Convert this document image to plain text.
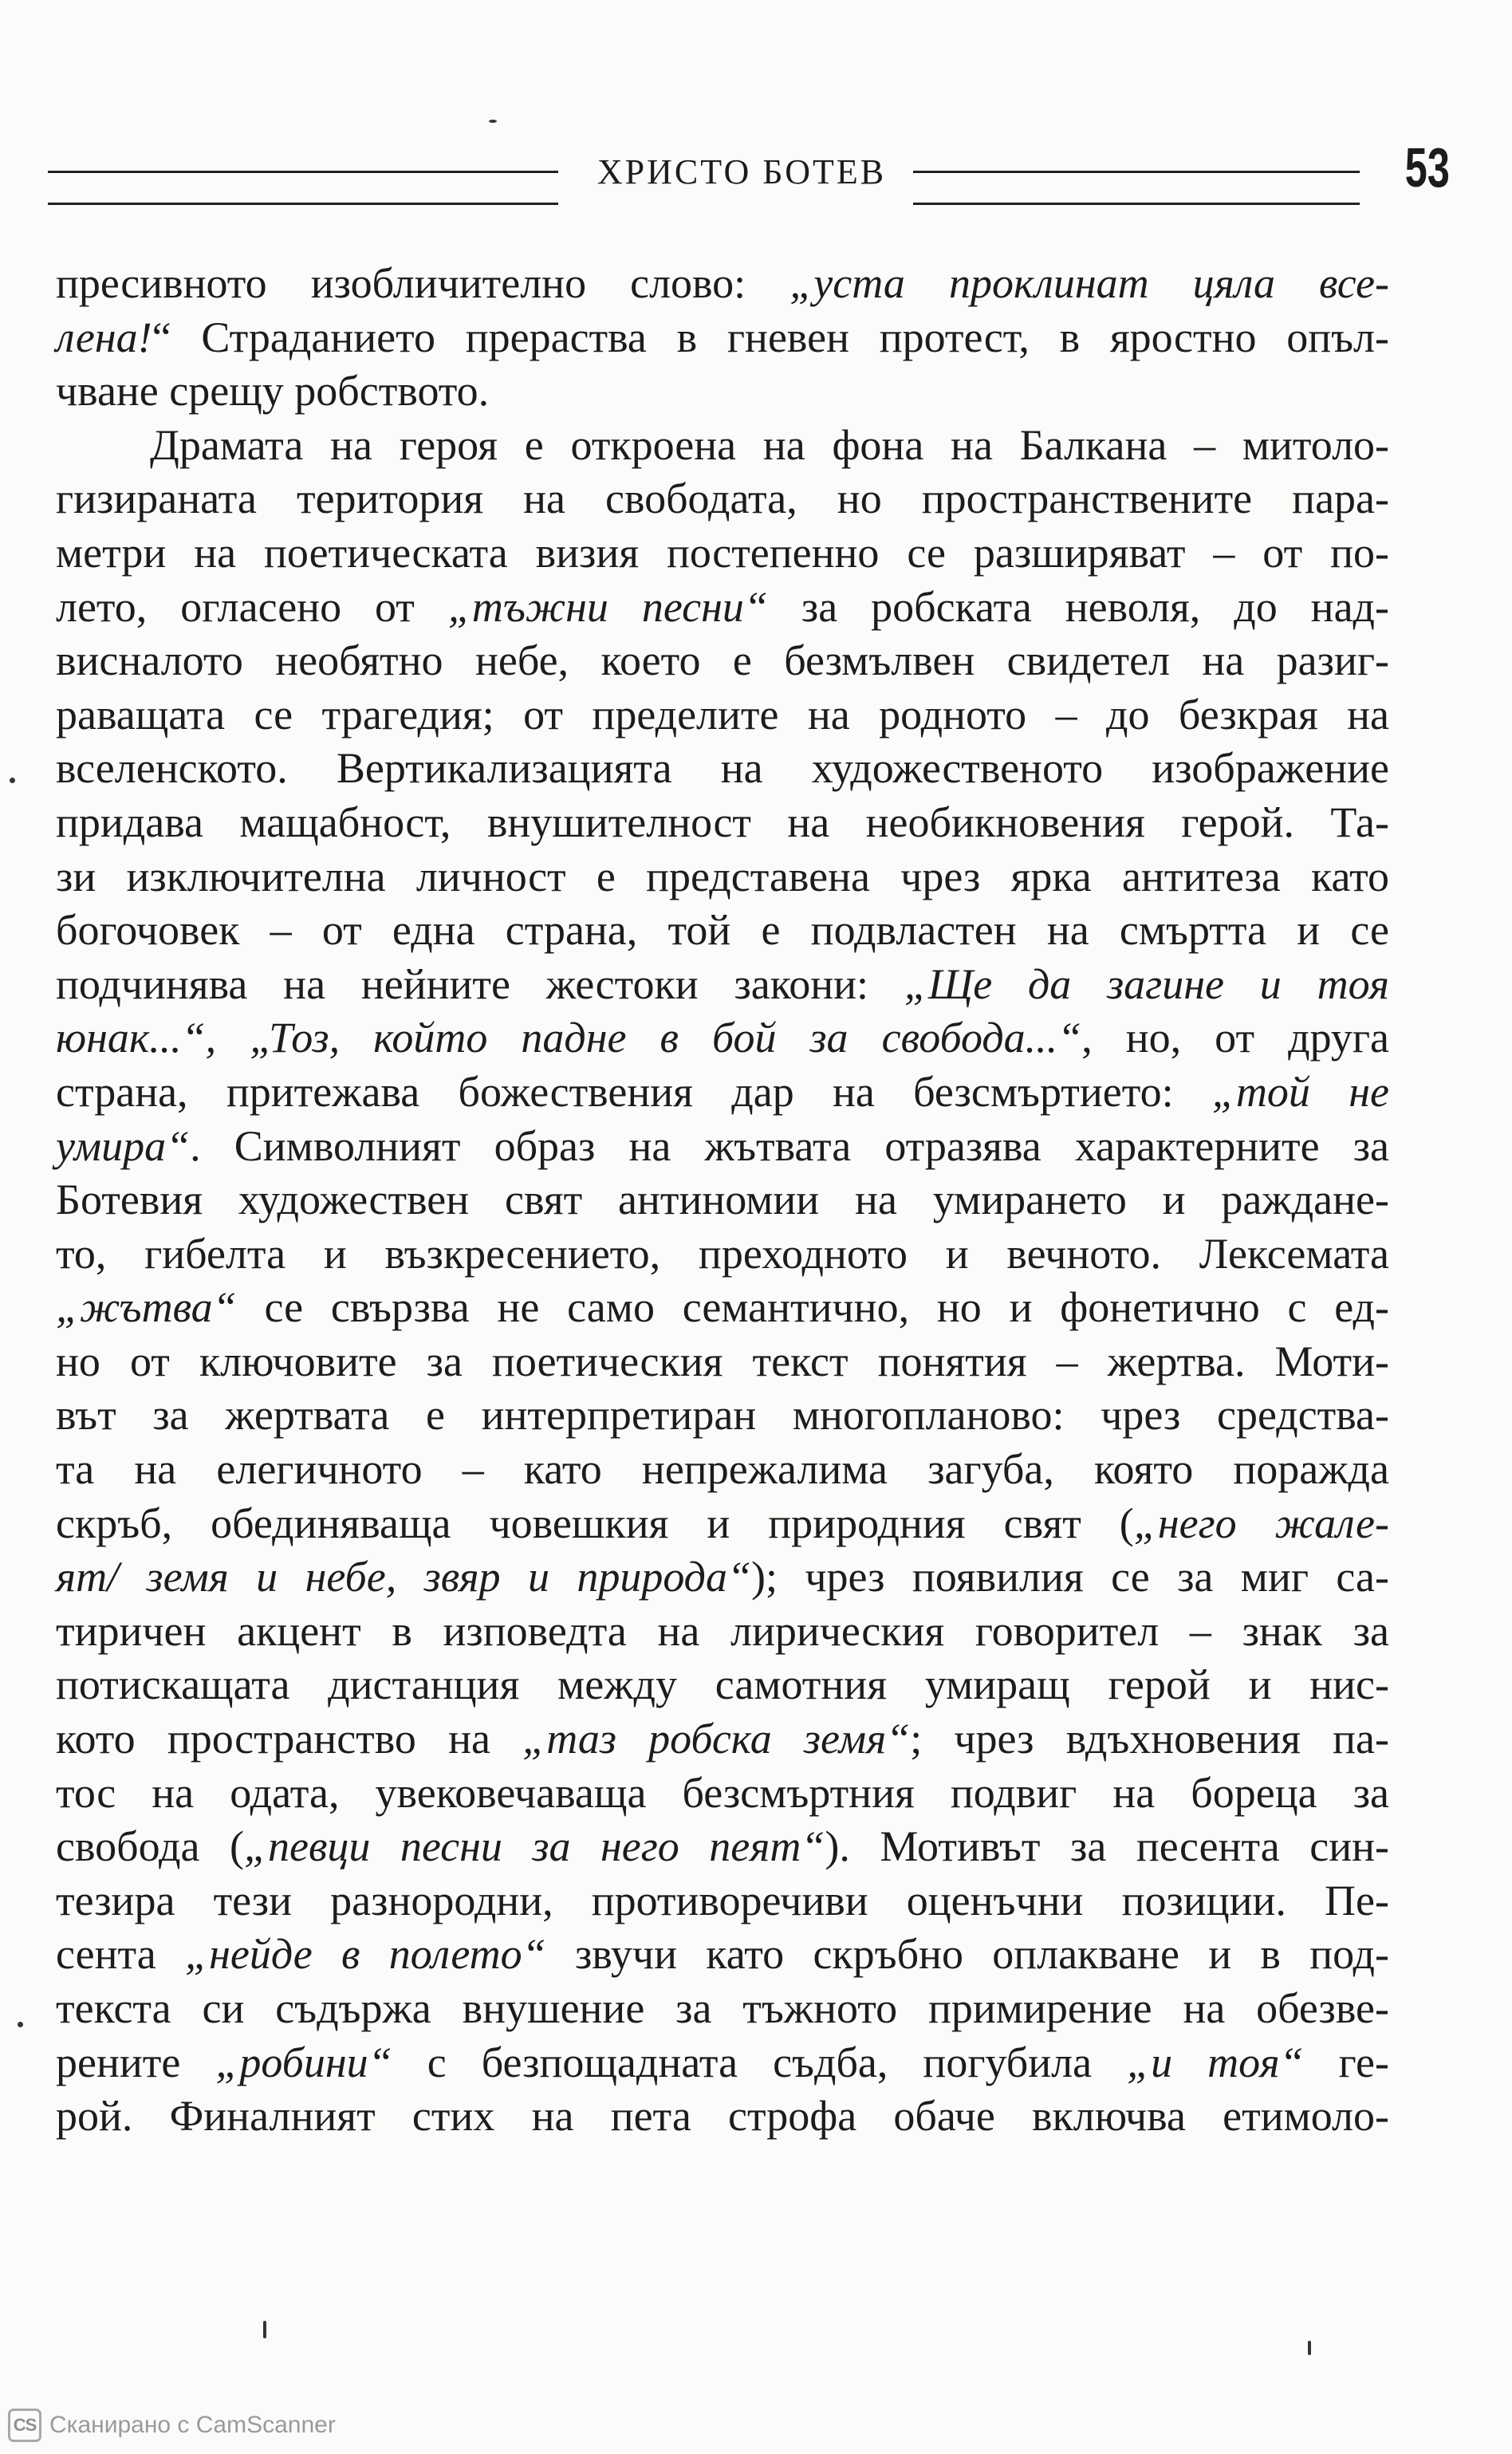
ХРИСТО БОТЕВ	53

пресивното изобличително слово: „уста проклинат цяла все-

лена!“ Страданието прераства в гневен протест, в яростно опъл-

чване срещу робството.

Драмата на героя е откроена на фона на Балкана – митоло-

гизираната територия на свободата, но пространствените пара-

метри на поетическата визия постепенно се разширяват – от по-

лето, огласено от „тъжни песни“ за робската неволя, до над-

висналото необятно небе, което е безмълвен свидетел на разиг-

раващата се трагедия; от пределите на родното – до безкрая на

вселенското. Вертикализацията на художественото изображение

придава мащабност, внушителност на необикновения герой. Та-

зи изключителна личност е представена чрез ярка антитеза като

богочовек – от една страна, той е подвластен на смъртта и се

подчинява на нейните жестоки закони: „Ще да загине и тоя

юнак...“, „Тоз, който падне в бой за свобода...“, но, от друга

страна, притежава божествения дар на безсмъртието: „той не

умира“. Символният образ на жътвата отразява характерните за

Ботевия художествен свят антиномии на умирането и раждане-

то, гибелта и възкресението, преходното и вечното. Лексемата

„жътва“ се свързва не само семантично, но и фонетично с ед-

но от ключовите за поетическия текст понятия – жертва. Моти-

вът за жертвата е интерпретиран многопланово: чрез средства-

та на елегичното – като непрежалима загуба, която поражда

скръб, обединяваща човешкия и природния свят („него жале-

ят/ земя и небе, звяр и природа“); чрез появилия се за миг са-

тиричен акцент в изповедта на лирическия говорител – знак за

потискащата дистанция между самотния умиращ герой и нис-

кото пространство на „таз робска земя“; чрез вдъхновения па-

тос на одата, увековечаваща безсмъртния подвиг на бореца за

свобода („певци песни за него пеят“). Мотивът за песента син-

тезира тези разнородни, противоречиви оценъчни позиции. Пе-

сента „нейде в полето“ звучи като скръбно оплакване и в под-

текста си съдържа внушение за тъжното примирение на обезве-

рените „робини“ с безпощадната съдба, погубила „и тоя“ ге-

рой. Финалният стих на пета строфа обаче включва етимоло-

CS Сканирано с CamScanner
